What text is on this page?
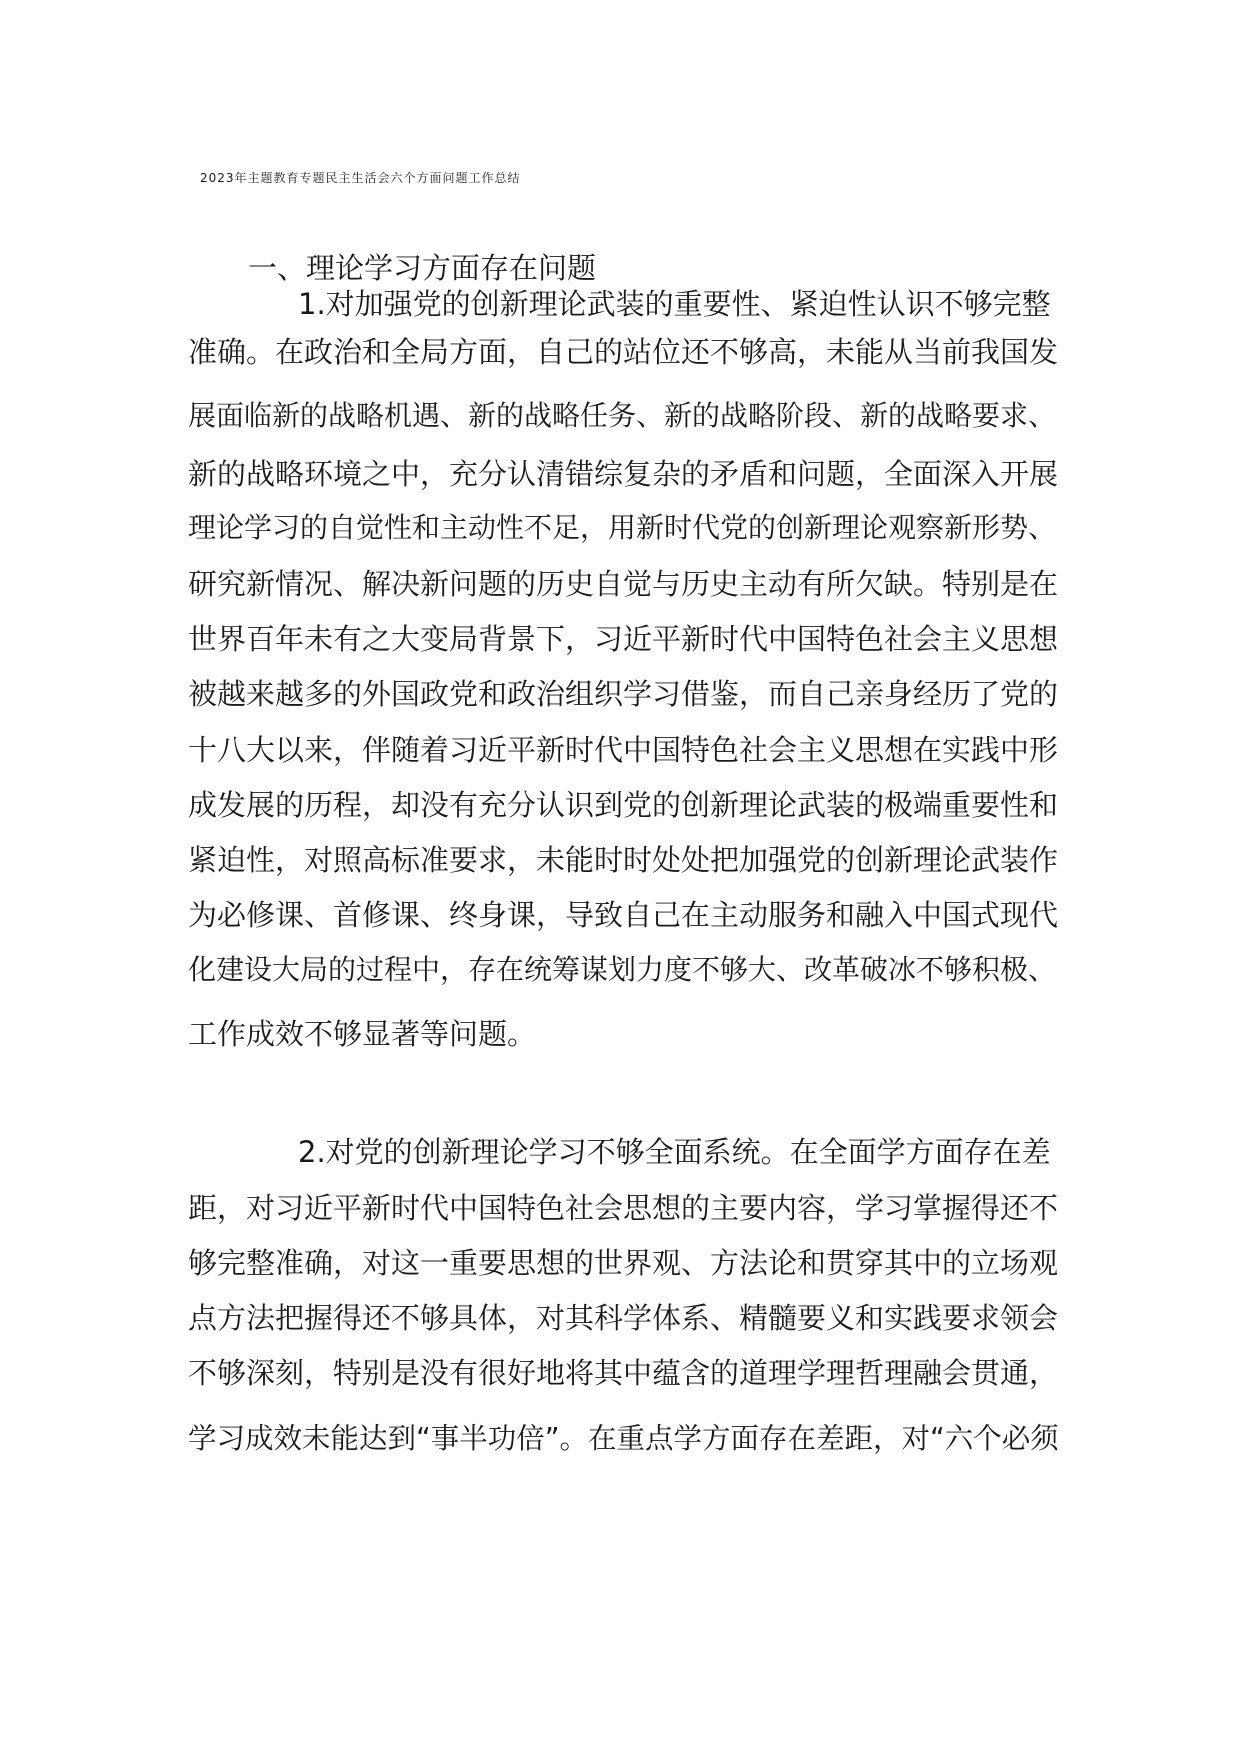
2023年主题教育专题民主生活会六个方面问题工作总结
一、理论学习方面存在问题

1.对加强党的创新理论武装的重要性、紧迫性认识不够完整

准确。在政治和全局方面，自己的站位还不够高，未能从当前我国发

展面临新的战略机遇、新的战略任务、新的战略阶段、新的战略要求、

新的战略环境之中，充分认清错综复杂的矛盾和问题，全面深入开展

理论学习的自觉性和主动性不足，用新时代党的创新理论观察新形势、

研究新情况、解决新问题的历史自觉与历史主动有所欠缺。特别是在

世界百年未有之大变局背景下，习近平新时代中国特色社会主义思想

被越来越多的外国政党和政治组织学习借鉴，而自己亲身经历了党的

十八大以来，伴随着习近平新时代中国特色社会主义思想在实践中形

成发展的历程，却没有充分认识到党的创新理论武装的极端重要性和

紧迫性，对照高标准要求，未能时时处处把加强党的创新理论武装作

为必修课、首修课、终身课，导致自己在主动服务和融入中国式现代

化建设大局的过程中，存在统筹谋划力度不够大、改革破冰不够积极、

工作成效不够显著等问题。

2.对党的创新理论学习不够全面系统。在全面学方面存在差

距，对习近平新时代中国特色社会思想的主要内容，学习掌握得还不

够完整准确，对这一重要思想的世界观、方法论和贯穿其中的立场观

点方法把握得还不够具体，对其科学体系、精髓要义和实践要求领会

不够深刻，特别是没有很好地将其中蕴含的道理学理哲理融会贯通，

学习成效未能达到“事半功倍”。在重点学方面存在差距，对“六个必须
